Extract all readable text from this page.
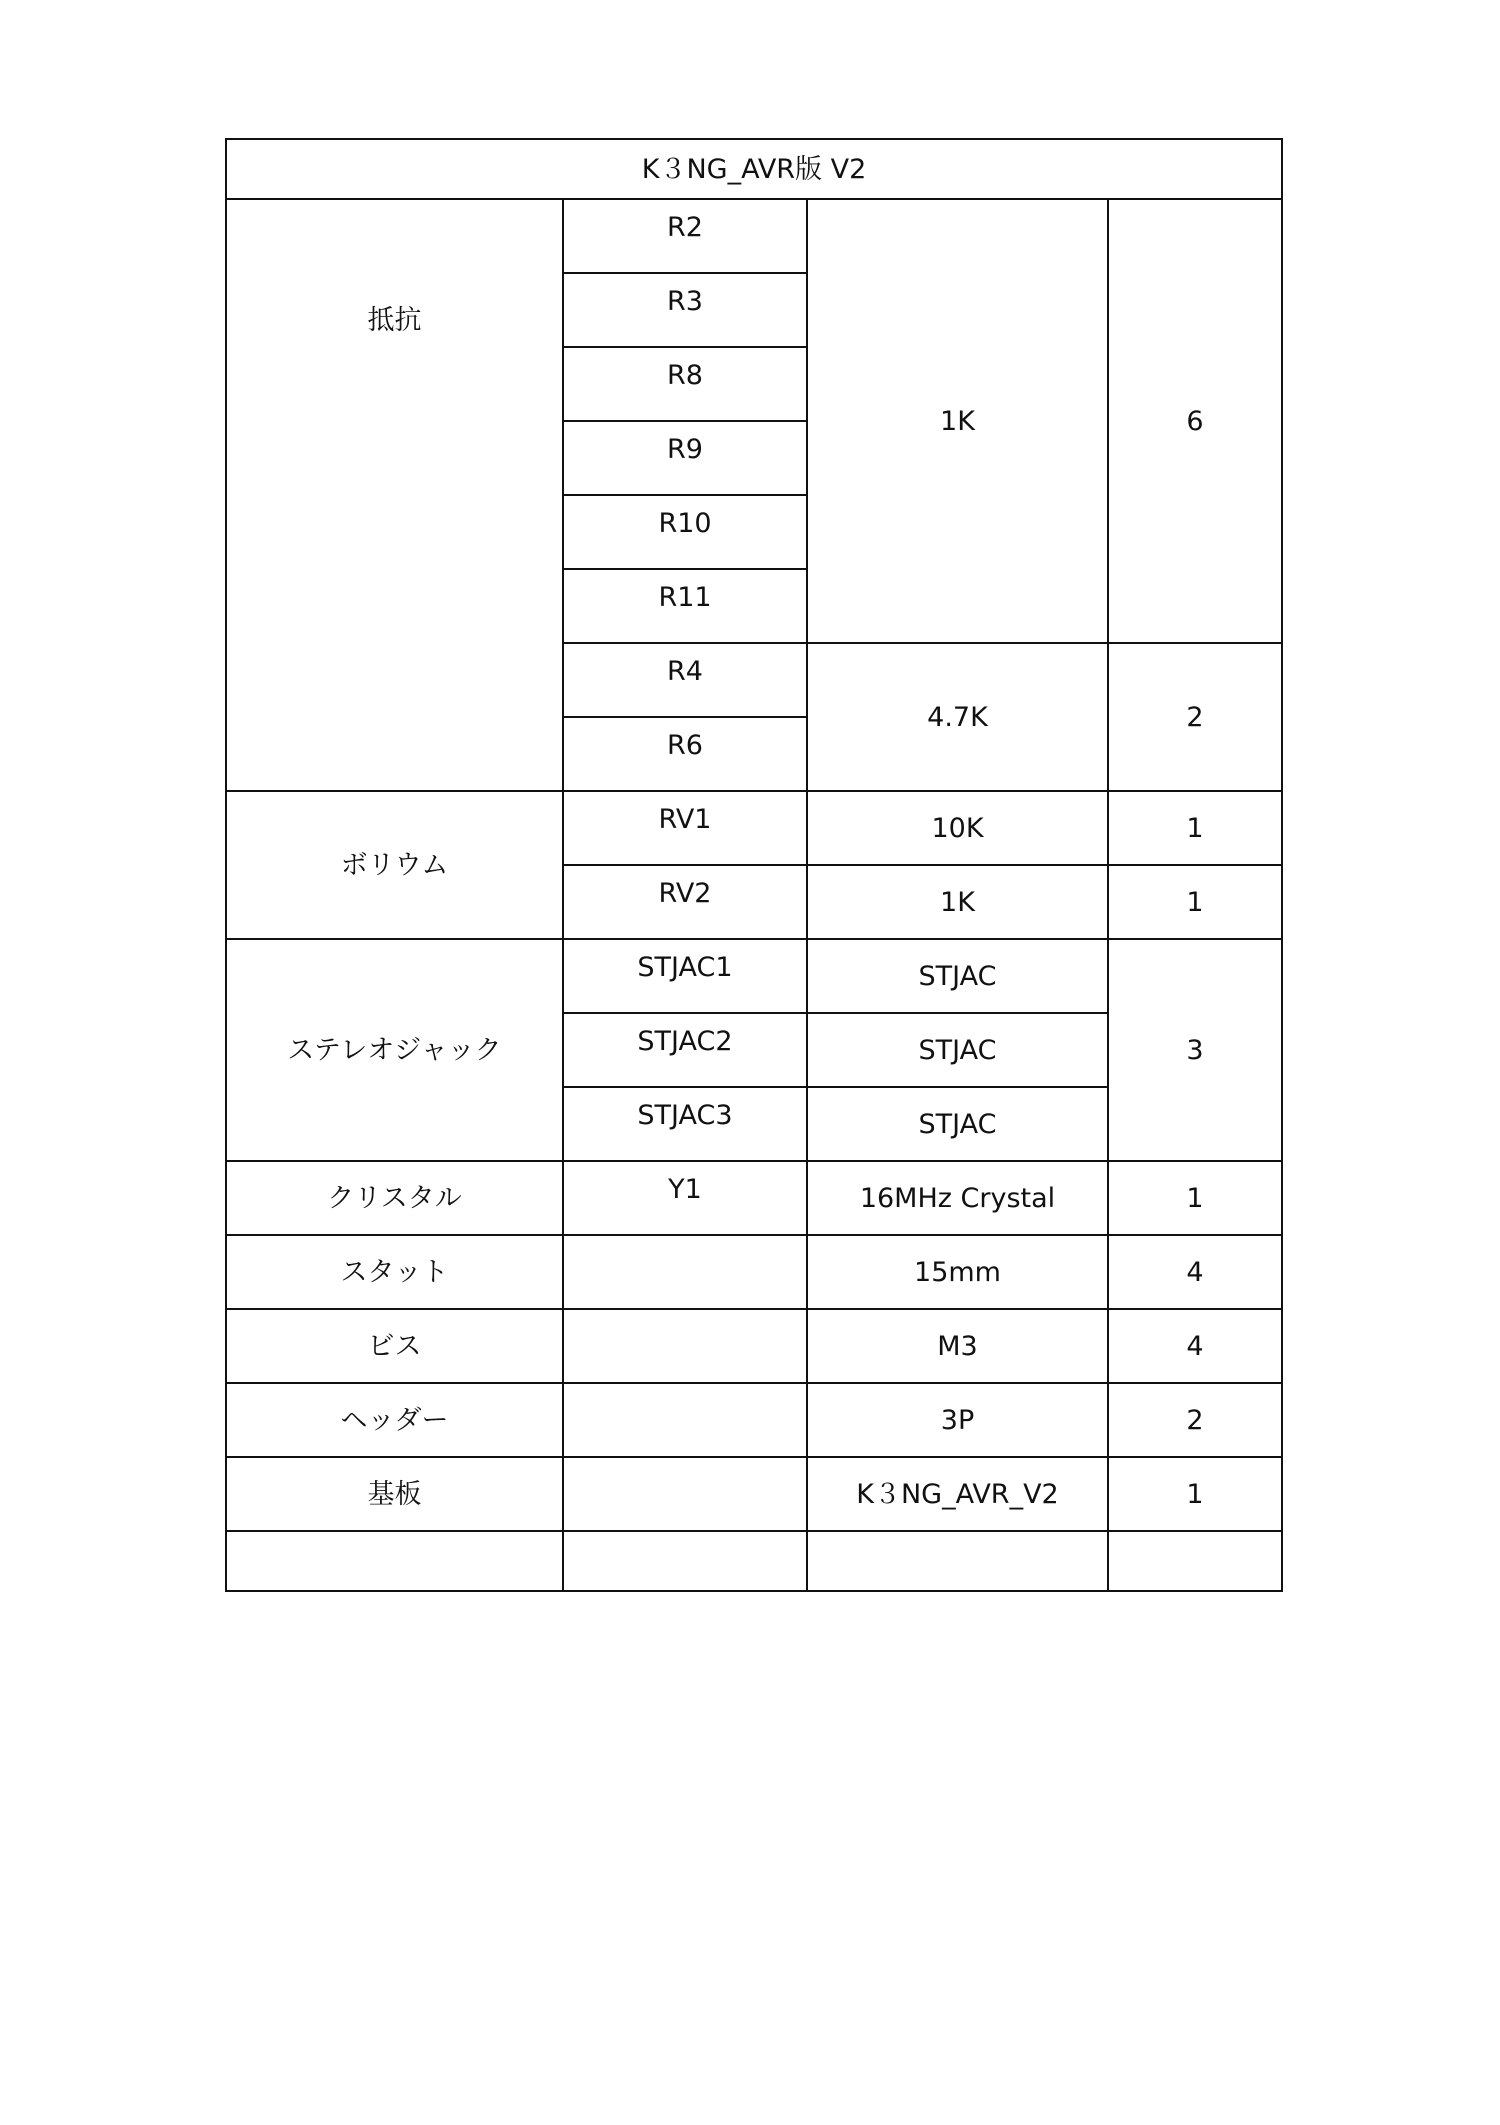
K３NG_AVR版 V2			
抵抗	R2	1K	6
	R3		
	R8		
	R9		
	R10		
	R11		
	R4	4.7K	2
	R6		
ボリウム	RV1	10K	1
	RV2	1K	1
ステレオジャック	STJAC1	STJAC	3
	STJAC2	STJAC	
	STJAC3	STJAC	
クリスタル	Y1	16MHz Crystal	1
スタット		15mm	4
ビス		M3	4
ヘッダー		3P	2
基板		K３NG_AVR_V2	1
